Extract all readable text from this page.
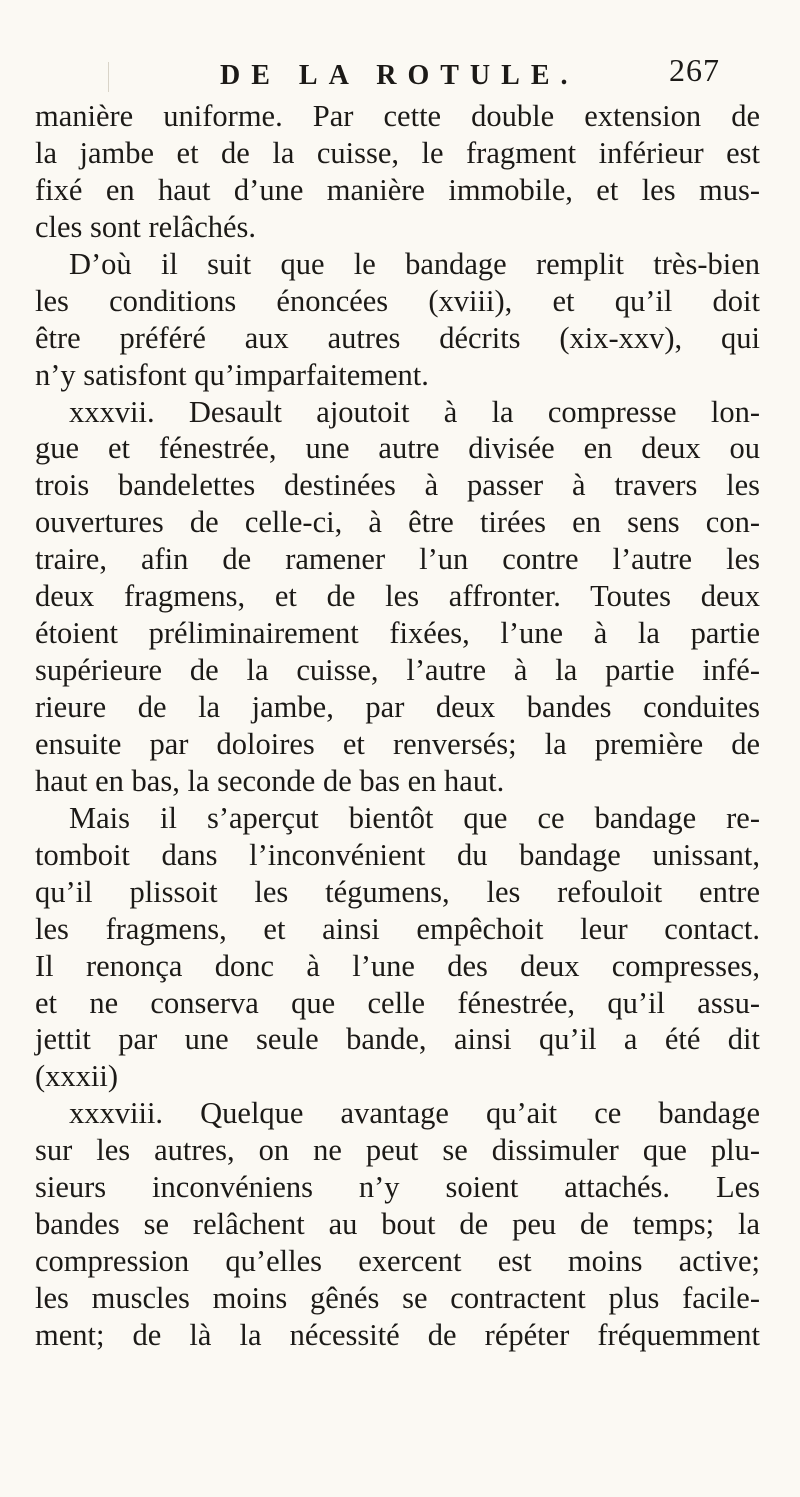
DE LA ROTULE.	267
manière uniforme. Par cette double extension de
la jambe et de la cuisse, le fragment inférieur est
fixé en haut d’une manière immobile, et les mus-
cles sont relâchés.
D’où il suit que le bandage remplit très-bien
les conditions énoncées (xviii), et qu’il doit
être préféré aux autres décrits (xix-xxv), qui
n’y satisfont qu’imparfaitement.
xxxvii. Desault ajoutoit à la compresse lon-
gue et fénestrée, une autre divisée en deux ou
trois bandelettes destinées à passer à travers les
ouvertures de celle-ci, à être tirées en sens con-
traire, afin de ramener l’un contre l’autre les
deux fragmens, et de les affronter. Toutes deux
étoient préliminairement fixées, l’une à la partie
supérieure de la cuisse, l’autre à la partie infé-
rieure de la jambe, par deux bandes conduites
ensuite par doloires et renversés; la première de
haut en bas, la seconde de bas en haut.
Mais il s’aperçut bientôt que ce bandage re-
tomboit dans l’inconvénient du bandage unissant,
qu’il plissoit les tégumens, les refouloit entre
les fragmens, et ainsi empêchoit leur contact.
Il renonça donc à l’une des deux compresses,
et ne conserva que celle fénestrée, qu’il assu-
jettit par une seule bande, ainsi qu’il a été dit
(xxxii)
xxxviii. Quelque avantage qu’ait ce bandage
sur les autres, on ne peut se dissimuler que plu-
sieurs inconvéniens n’y soient attachés. Les
bandes se relâchent au bout de peu de temps; la
compression qu’elles exercent est moins active;
les muscles moins gênés se contractent plus facile-
ment; de là la nécessité de répéter fréquemment
